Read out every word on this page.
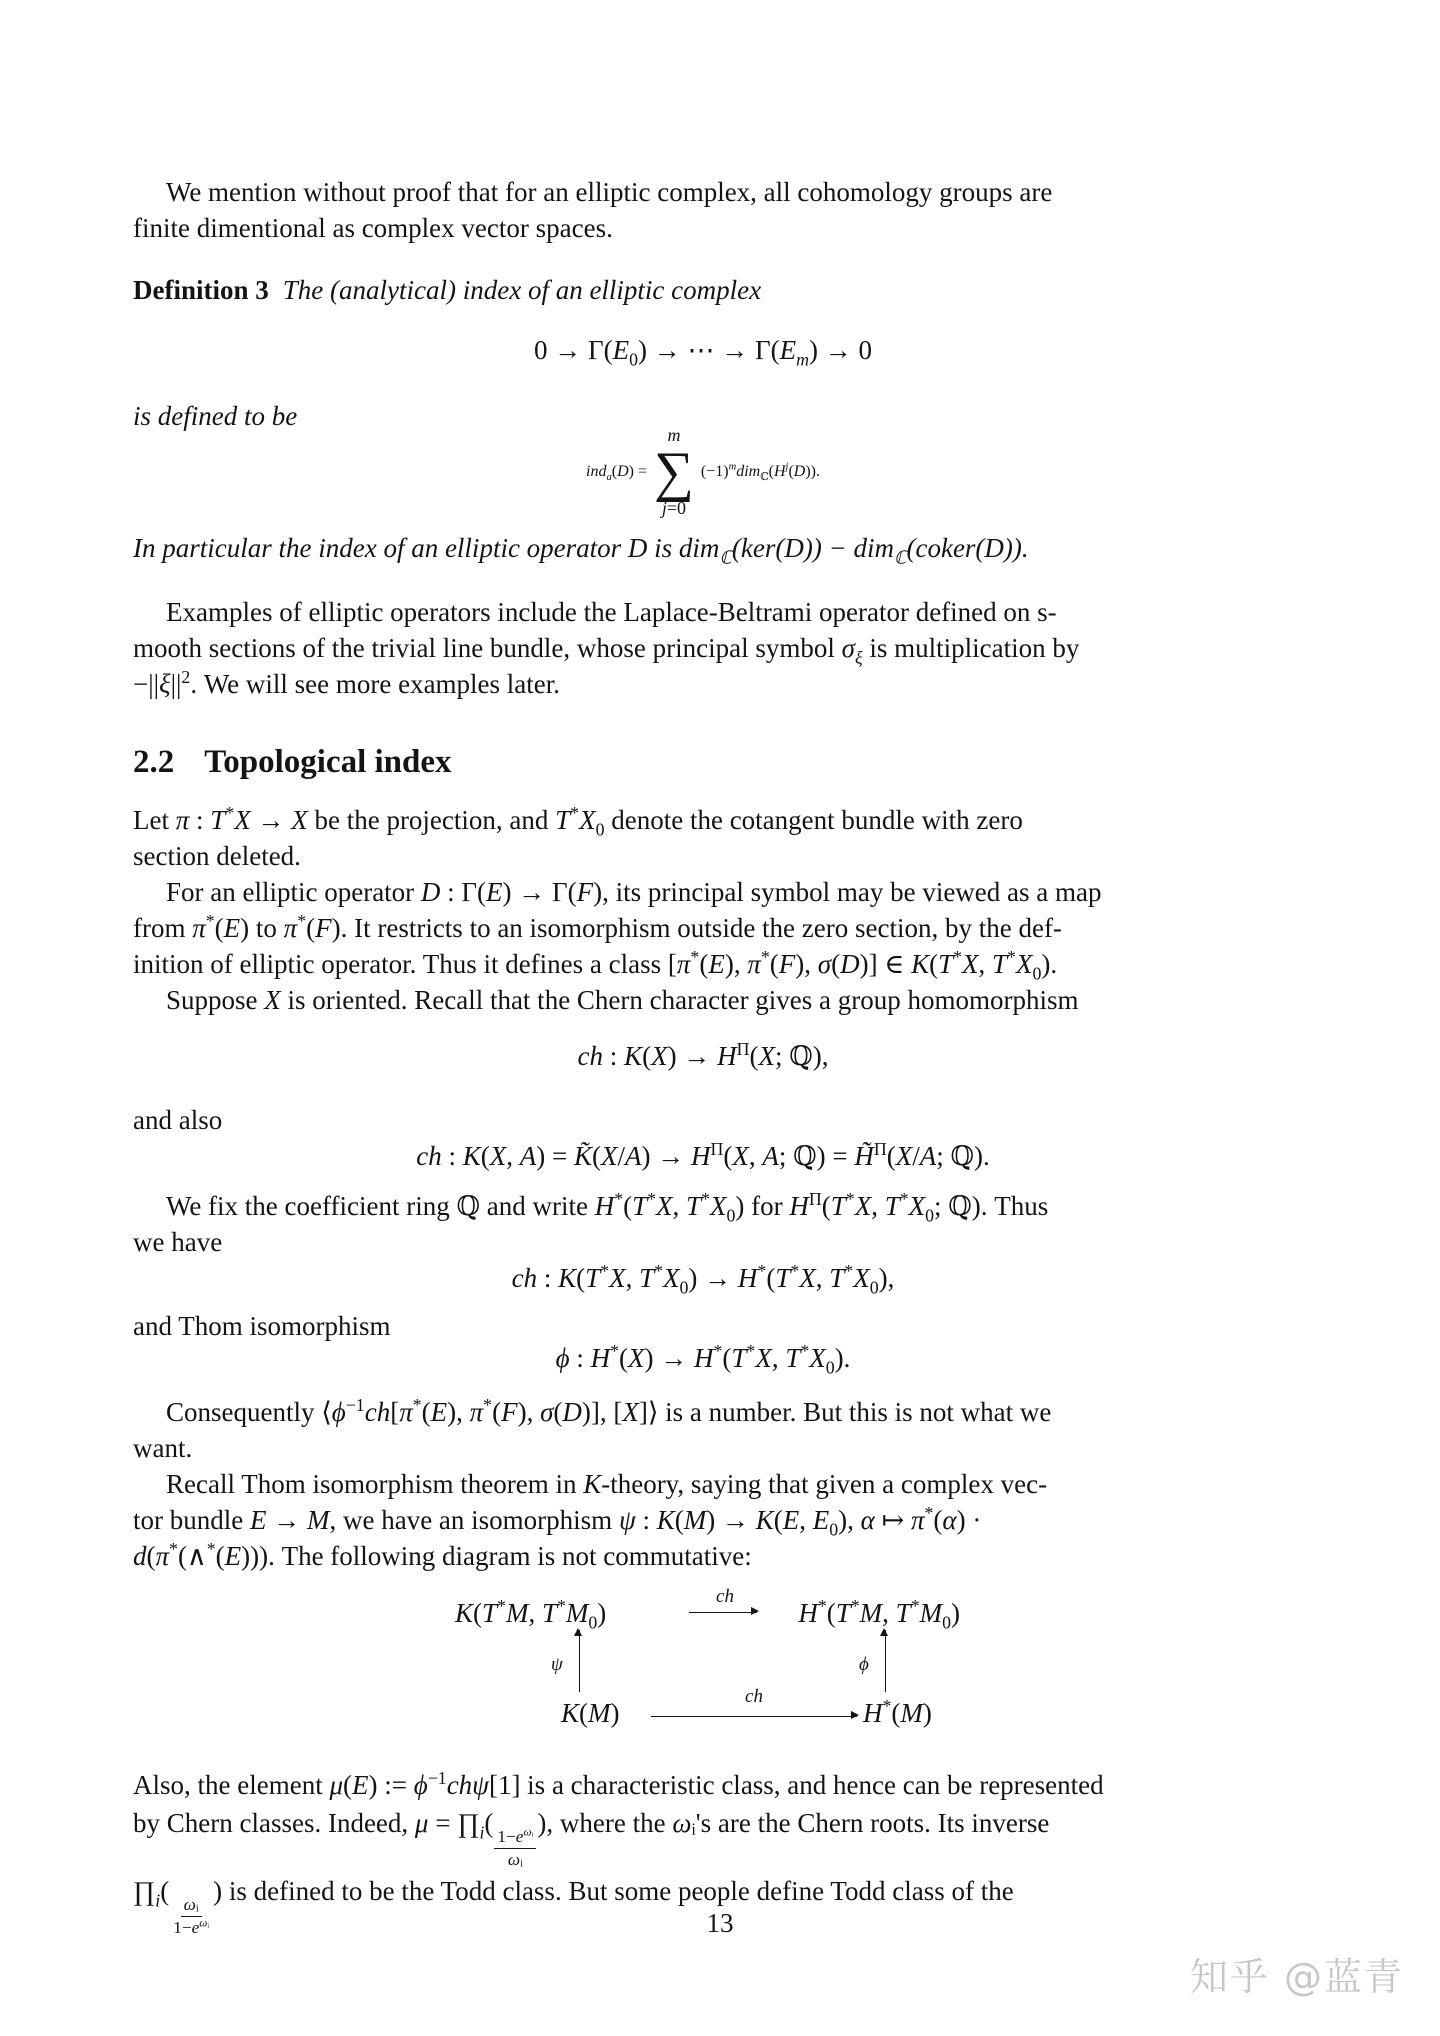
We mention without proof that for an elliptic complex, all cohomology groups are
finite dimentional as complex vector spaces.
Definition 3 The (analytical) index of an elliptic complex
$0 \to \Gamma(E_0)$ → ⋯ → $\Gamma(E_m) \to 0$
is defined to be
ind$_a$(D) =
m
∑
j=0
$(-1)^mdim_ℂ(H^j(D))$.
In particular the index of an elliptic operator D is dim$_ℂ$(ker(D)) − dim$_ℂ$(coker(D)).
Examples of elliptic operators include the Laplace-Beltrami operator defined on s-
mooth sections of the trivial line bundle, whose principal symbol $\sigma_\xi$ is multiplication by
$-||\xi||^2$. We will see more examples later.
2.2 Topological index
Let π : T*X → X be the projection, and $T^*X_0$ denote the cotangent bundle with zero
section deleted.
For an elliptic operator D : Γ(E) → Γ(F), its principal symbol may be viewed as a map
from π*(E) to π*(F). It restricts to an isomorphism outside the zero section, by the def-
inition of elliptic operator. Thus it defines a class [π*(E), π*(F), σ(D)] ∈ K(T*X, $T^*X_0$).
Suppose X is oriented. Recall that the Chern character gives a group homomorphism
ch : $K(X) \to H^\Pi(X$; ℚ),
and also
ch : K(X, A) = K̃(X/A) → $H^\Pi(X$, A; ℚ) = H̃$^\Pi$(X/A; ℚ).
We fix the coefficient ring ℚ and write H*(T*X, $T^*X_0$) for $H^\Pi(T^*X$, $T^*X_0$; ℚ). Thus
we have
ch : K(T*X, $T^*X_0) \to H^*(T^*X$, $T^*X_0$),
and Thom isomorphism
ϕ : H*(X) → H*(T*X, $T^*X_0$).
Consequently $⟨\phi^{-1}ch[\pi^*(E)$, π*(F), σ(D)], [X]⟩ is a number. But this is not what we
want.
Recall Thom isomorphism theorem in K-theory, saying that given a complex vec-
tor bundle E → M, we have an isomorphism ψ : K(M) → K(E, $E_0$), α ↦ π*(α) ·
d(π*(∧*(E))). The following diagram is not commutative:
K(T*M, $T^*M_0$)	H*(T*M, $T^*M_0$)
K(M)	H*(M)
ch
ch
ψ	ϕ
Also, the element μ(E) := $\phi^{-1}ch\psi[1]$ is a characteristic class, and hence can be represented
by Chern classes. Indeed, $\mu = \prod_i$(
$\frac{1-e^{\omega ᵢ}}{\text{ωᵢ}}$
), where the ωᵢ's are the Chern roots. Its inverse
$\prod_i$(
$\frac{\text{ωᵢ}}{1-e^{\omega ᵢ}}$
) is defined to be the Todd class. But some people define Todd class of the
13
知乎 @蓝青
